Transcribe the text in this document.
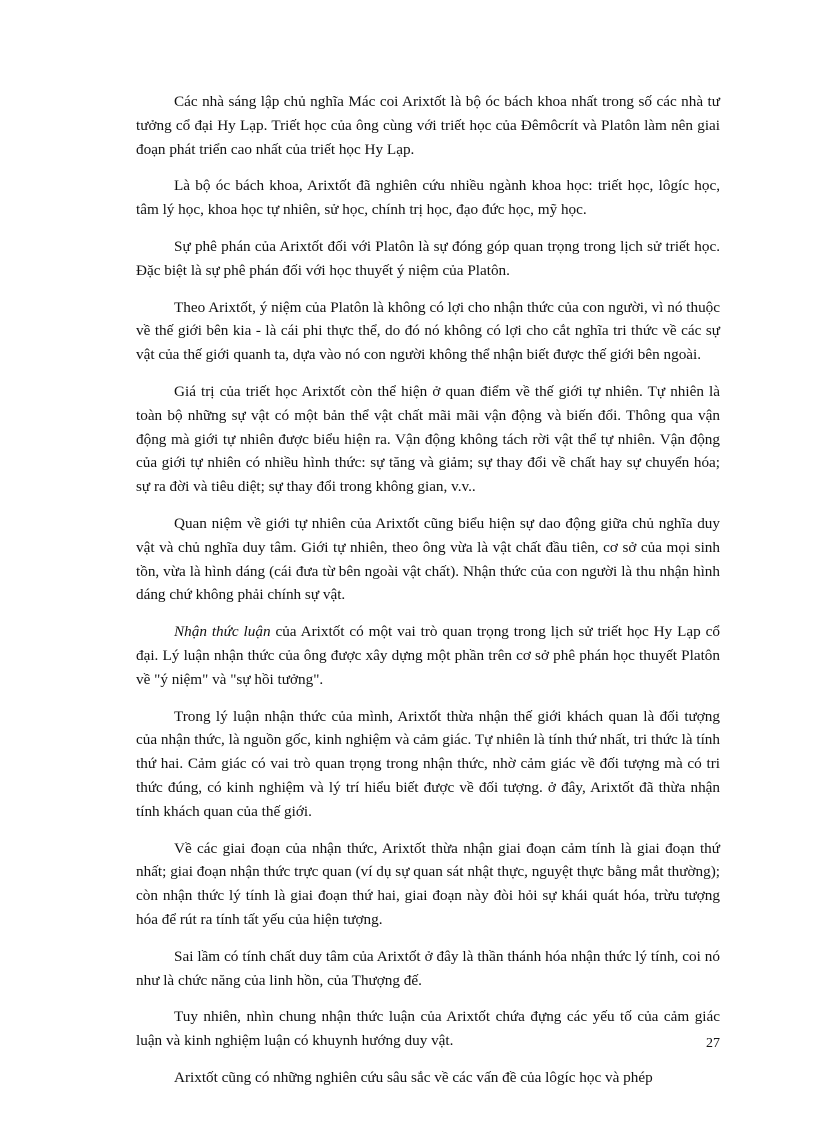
Các nhà sáng lập chủ nghĩa Mác coi Arixtốt là bộ óc bách khoa nhất trong số các nhà tư tưởng cổ đại Hy Lạp. Triết học của ông cùng với triết học của Đêmôcrít và Platôn làm nên giai đoạn phát triển cao nhất của triết học Hy Lạp.

Là bộ óc bách khoa, Arixtốt đã nghiên cứu nhiều ngành khoa học: triết học, lôgíc học, tâm lý học, khoa học tự nhiên, sử học, chính trị học, đạo đức học, mỹ học.

Sự phê phán của Arixtốt đối với Platôn là sự đóng góp quan trọng trong lịch sử triết học. Đặc biệt là sự phê phán đối với học thuyết ý niệm của Platôn.

Theo Arixtốt, ý niệm của Platôn là không có lợi cho nhận thức của con người, vì nó thuộc về thế giới bên kia - là cái phi thực thể, do đó nó không có lợi cho cắt nghĩa tri thức về các sự vật của thế giới quanh ta, dựa vào nó con người không thể nhận biết được thế giới bên ngoài.

Giá trị của triết học Arixtốt còn thể hiện ở quan điểm về thế giới tự nhiên. Tự nhiên là toàn bộ những sự vật có một bản thể vật chất mãi mãi vận động và biến đổi. Thông qua vận động mà giới tự nhiên được biểu hiện ra. Vận động không tách rời vật thể tự nhiên. Vận động của giới tự nhiên có nhiều hình thức: sự tăng và giảm; sự thay đổi về chất hay sự chuyển hóa; sự ra đời và tiêu diệt; sự thay đổi trong không gian, v.v..

Quan niệm về giới tự nhiên của Arixtốt cũng biểu hiện sự dao động giữa chủ nghĩa duy vật và chủ nghĩa duy tâm. Giới tự nhiên, theo ông vừa là vật chất đầu tiên, cơ sở của mọi sinh tồn, vừa là hình dáng (cái đưa từ bên ngoài vật chất). Nhận thức của con người là thu nhận hình dáng chứ không phải chính sự vật.

Nhận thức luận của Arixtốt có một vai trò quan trọng trong lịch sử triết học Hy Lạp cổ đại. Lý luận nhận thức của ông được xây dựng một phần trên cơ sở phê phán học thuyết Platôn về "ý niệm" và "sự hồi tưởng".

Trong lý luận nhận thức của mình, Arixtốt thừa nhận thế giới khách quan là đối tượng của nhận thức, là nguồn gốc, kinh nghiệm và cảm giác. Tự nhiên là tính thứ nhất, tri thức là tính thứ hai. Cảm giác có vai trò quan trọng trong nhận thức, nhờ cảm giác về đối tượng mà có tri thức đúng, có kinh nghiệm và lý trí hiểu biết được về đối tượng. ở đây, Arixtốt đã thừa nhận tính khách quan của thế giới.

Về các giai đoạn của nhận thức, Arixtốt thừa nhận giai đoạn cảm tính là giai đoạn thứ nhất; giai đoạn nhận thức trực quan (ví dụ sự quan sát nhật thực, nguyệt thực bằng mắt thường); còn nhận thức lý tính là giai đoạn thứ hai, giai đoạn này đòi hỏi sự khái quát hóa, trừu tượng hóa để rút ra tính tất yếu của hiện tượng.

Sai lầm có tính chất duy tâm của Arixtốt ở đây là thần thánh hóa nhận thức lý tính, coi nó như là chức năng của linh hồn, của Thượng đế.

Tuy nhiên, nhìn chung nhận thức luận của Arixtốt chứa đựng các yếu tố của cảm giác luận và kinh nghiệm luận có khuynh hướng duy vật.

Arixtốt cũng có những nghiên cứu sâu sắc về các vấn đề của lôgíc học và phép

27
